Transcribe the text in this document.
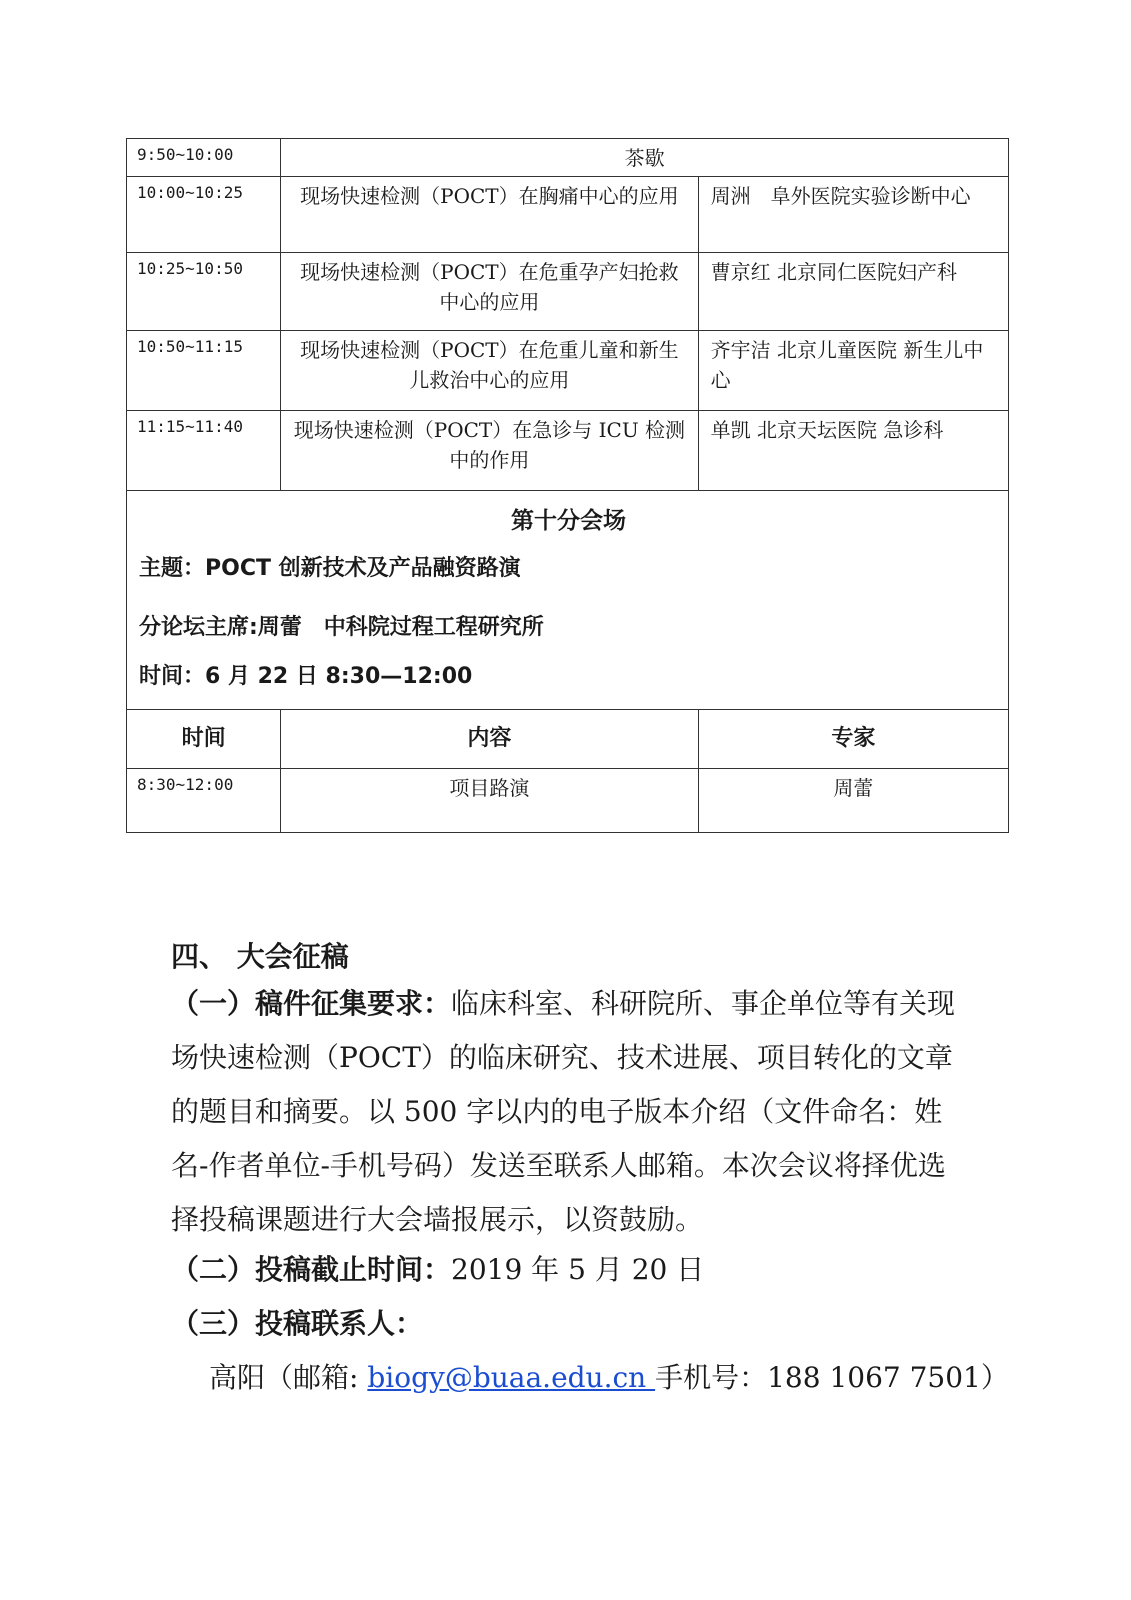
9:50~10:00	茶歇	
10:00~10:25	现场快速检测（POCT）在胸痛中心的应用	周洲　阜外医院实验诊断中心
10:25~10:50	现场快速检测（POCT）在危重孕产妇抢救中心的应用	曹京红 北京同仁医院妇产科
10:50~11:15	现场快速检测（POCT）在危重儿童和新生儿救治中心的应用	齐宇洁 北京儿童医院 新生儿中心
11:15~11:40	现场快速检测（POCT）在急诊与 ICU 检测中的作用	单凯 北京天坛医院 急诊科

第十分会场
主题：POCT 创新技术及产品融资路演
分论坛主席:周蕾　中科院过程工程研究所
时间：6 月 22 日 8:30—12:00		

时间	内容	专家
8:30~12:00	项目路演	周蕾
四、 大会征稿
（一）稿件征集要求：临床科室、科研院所、事企单位等有关现场快速检测（POCT）的临床研究、技术进展、项目转化的文章的题目和摘要。以 500 字以内的电子版本介绍（文件命名：姓名-作者单位-手机号码）发送至联系人邮箱。本次会议将择优选择投稿课题进行大会墙报展示，以资鼓励。
（二）投稿截止时间：2019 年 5 月 20 日
（三）投稿联系人：
高阳（邮箱: biogy@buaa.edu.cn 手机号：188 1067 7501）
